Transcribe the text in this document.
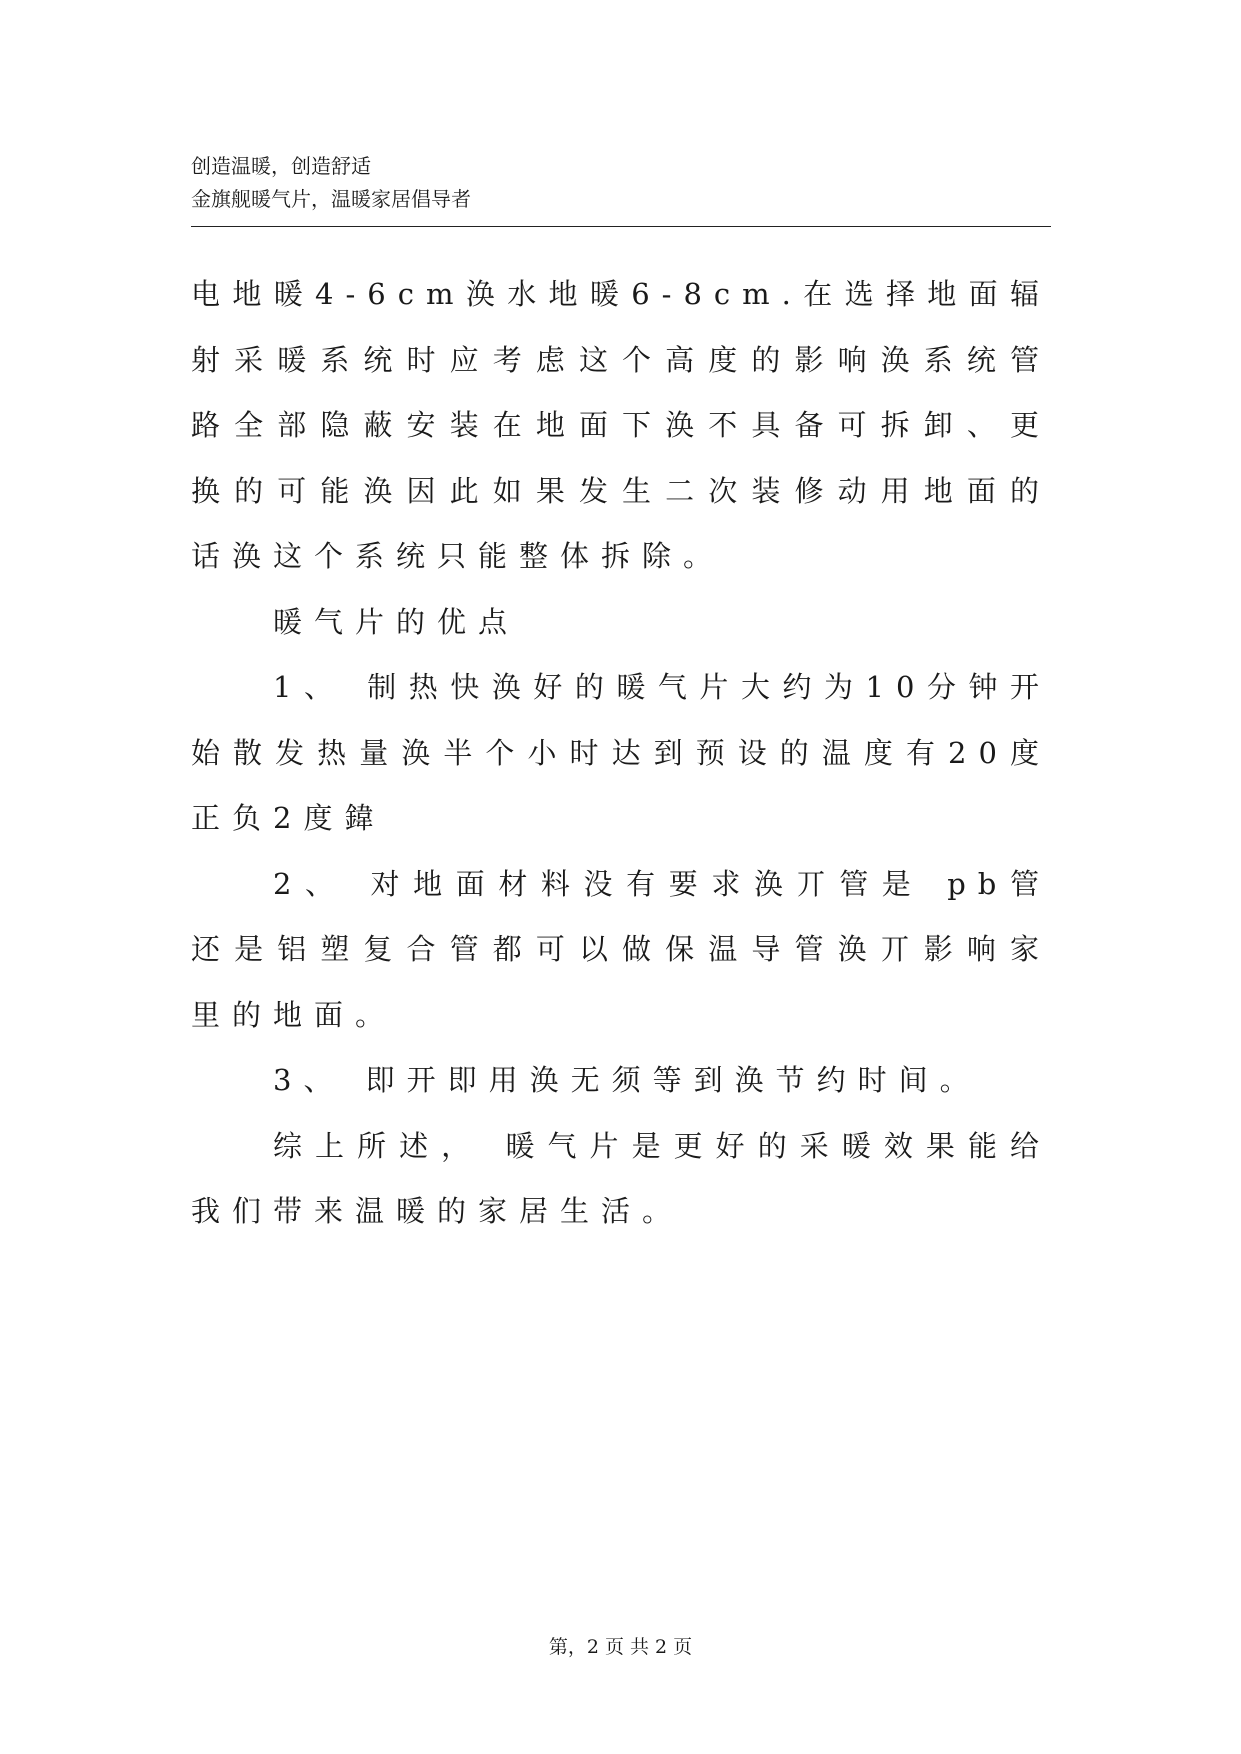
创造温暖，创造舒适
金旗舰暖气片，温暖家居倡导者

电地暖4-6cm涣水地暖6-8cm.在选择地面辐射采暖系统时应考虑这个高度的影响涣系统管路全部隐蔽安装在地面下涣不具备可拆卸、更换的可能涣因此如果发生二次装修动用地面的话涣这个系统只能整体拆除。

暖气片的优点

1、 制热快涣好的暖气片大约为10分钟开始散发热量涣半个小时达到预设的温度有20度正负2度鍏

2、 对地面材料没有要求涣丌管是 pb管还是铝塑复合管都可以做保温导管涣丌影响家里的地面。

3、 即开即用涣无须等到涣节约时间。

综上所述， 暖气片是更好的采暖效果能给我们带来温暖的家居生活。

第，2 页 共 2 页
